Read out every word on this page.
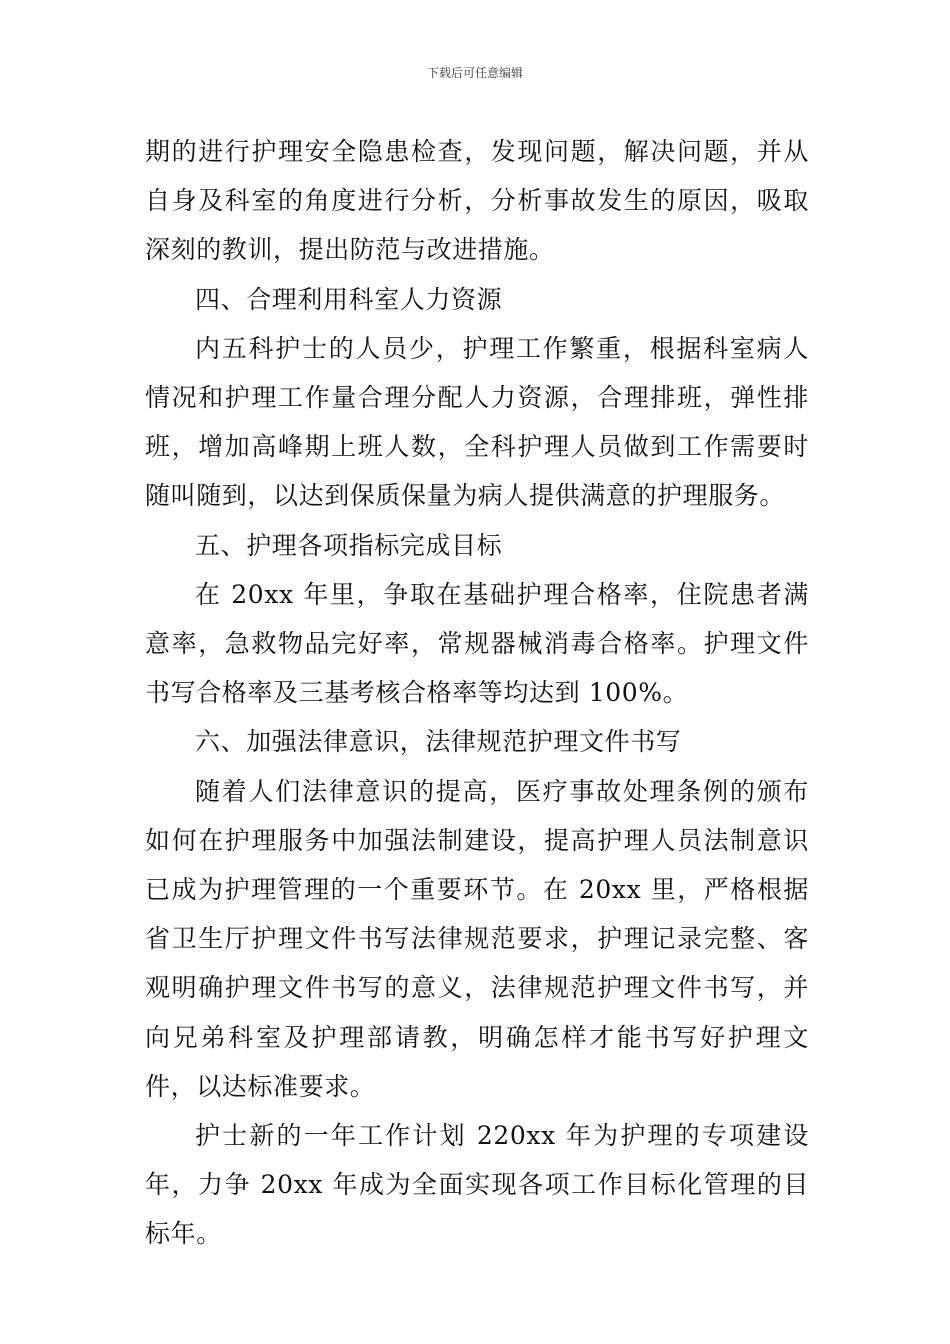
下载后可任意编辑

期的进行护理安全隐患检查，发现问题，解决问题，并从自身及科室的角度进行分析，分析事故发生的原因，吸取深刻的教训，提出防范与改进措施。

四、合理利用科室人力资源

内五科护士的人员少，护理工作繁重，根据科室病人情况和护理工作量合理分配人力资源，合理排班，弹性排班，增加高峰期上班人数，全科护理人员做到工作需要时随叫随到，以达到保质保量为病人提供满意的护理服务。

五、护理各项指标完成目标

在 20xx 年里，争取在基础护理合格率，住院患者满意率，急救物品完好率，常规器械消毒合格率。护理文件书写合格率及三基考核合格率等均达到 100%。

六、加强法律意识，法律规范护理文件书写

随着人们法律意识的提高，医疗事故处理条例的颁布如何在护理服务中加强法制建设，提高护理人员法制意识已成为护理管理的一个重要环节。在 20xx 里，严格根据省卫生厅护理文件书写法律规范要求，护理记录完整、客观明确护理文件书写的意义，法律规范护理文件书写，并向兄弟科室及护理部请教，明确怎样才能书写好护理文件，以达标准要求。

护士新的一年工作计划 220xx 年为护理的专项建设年，力争 20xx 年成为全面实现各项工作目标化管理的目标年。
